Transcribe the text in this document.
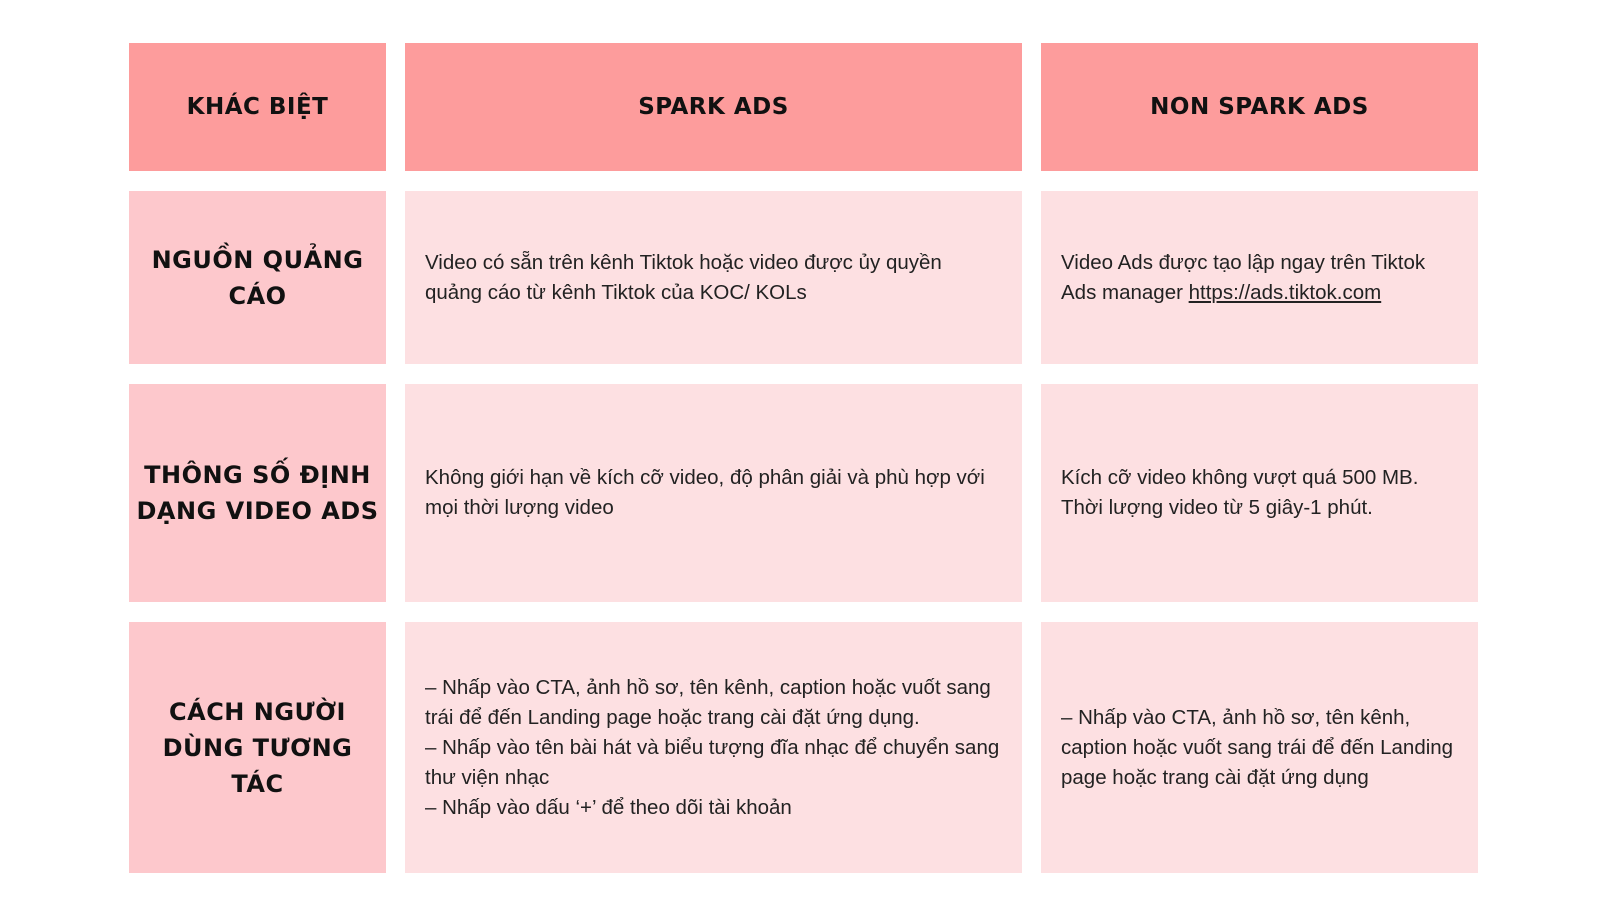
KHÁC BIỆT	SPARK ADS	NON SPARK ADS
NGUỒN QUẢNG CÁO
Video có sẵn trên kênh Tiktok hoặc video được ủy quyền quảng cáo từ kênh Tiktok của KOC/ KOLs
Video Ads được tạo lập ngay trên Tiktok Ads manager https://ads.tiktok.com
THÔNG SỐ ĐỊNH DẠNG VIDEO ADS
Không giới hạn về kích cỡ video, độ phân giải và phù hợp với mọi thời lượng video
Kích cỡ video không vượt quá 500 MB.
Thời lượng video từ 5 giây-1 phút.
CÁCH NGƯỜI DÙNG TƯƠNG TÁC
– Nhấp vào CTA, ảnh hồ sơ, tên kênh, caption hoặc vuốt sang trái để đến Landing page hoặc trang cài đặt ứng dụng.
– Nhấp vào tên bài hát và biểu tượng đĩa nhạc để chuyển sang thư viện nhạc
– Nhấp vào dấu ‘+’ để theo dõi tài khoản
– Nhấp vào CTA, ảnh hồ sơ, tên kênh, caption hoặc vuốt sang trái để đến Landing page hoặc trang cài đặt ứng dụng
